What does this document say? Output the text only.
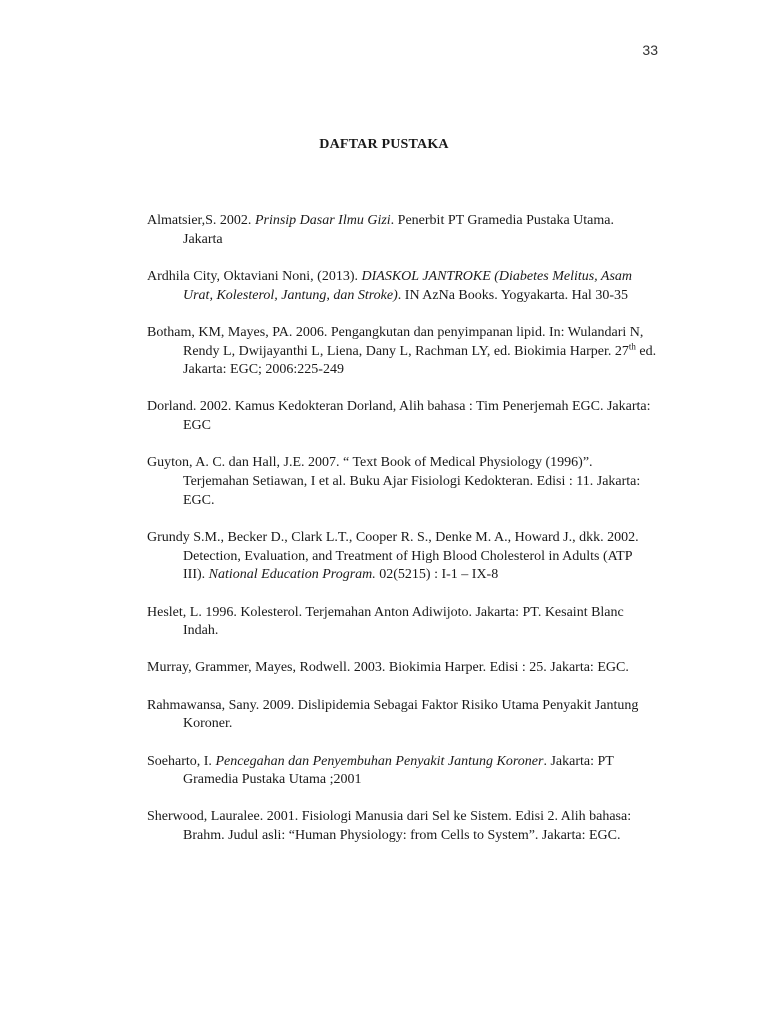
33
DAFTAR PUSTAKA

Almatsier,S. 2002. Prinsip Dasar Ilmu Gizi. Penerbit PT Gramedia Pustaka Utama. Jakarta

Ardhila City, Oktaviani Noni, (2013). DIASKOL JANTROKE (Diabetes Melitus, Asam Urat, Kolesterol, Jantung, dan Stroke). IN AzNa Books. Yogyakarta. Hal 30-35

Botham, KM, Mayes, PA. 2006. Pengangkutan dan penyimpanan lipid. In: Wulandari N, Rendy L, Dwijayanthi L, Liena, Dany L, Rachman LY, ed. Biokimia Harper. 27th ed. Jakarta: EGC; 2006:225-249

Dorland. 2002. Kamus Kedokteran Dorland, Alih bahasa : Tim Penerjemah EGC. Jakarta: EGC

Guyton, A. C. dan Hall, J.E. 2007. “ Text Book of Medical Physiology (1996)”. Terjemahan Setiawan, I et al. Buku Ajar Fisiologi Kedokteran. Edisi : 11. Jakarta: EGC.

Grundy S.M., Becker D., Clark L.T., Cooper R. S., Denke M. A., Howard J., dkk. 2002. Detection, Evaluation, and Treatment of High Blood Cholesterol in Adults (ATP III). National Education Program. 02(5215) : I-1 – IX-8

Heslet, L. 1996. Kolesterol. Terjemahan Anton Adiwijoto. Jakarta: PT. Kesaint Blanc Indah.

Murray, Grammer, Mayes, Rodwell. 2003. Biokimia Harper. Edisi : 25. Jakarta: EGC.

Rahmawansa, Sany. 2009. Dislipidemia Sebagai Faktor Risiko Utama Penyakit Jantung Koroner.

Soeharto, I. Pencegahan dan Penyembuhan Penyakit Jantung Koroner. Jakarta: PT Gramedia Pustaka Utama ;2001

Sherwood, Lauralee. 2001. Fisiologi Manusia dari Sel ke Sistem. Edisi 2. Alih bahasa: Brahm. Judul asli: “Human Physiology: from Cells to System”. Jakarta: EGC.
